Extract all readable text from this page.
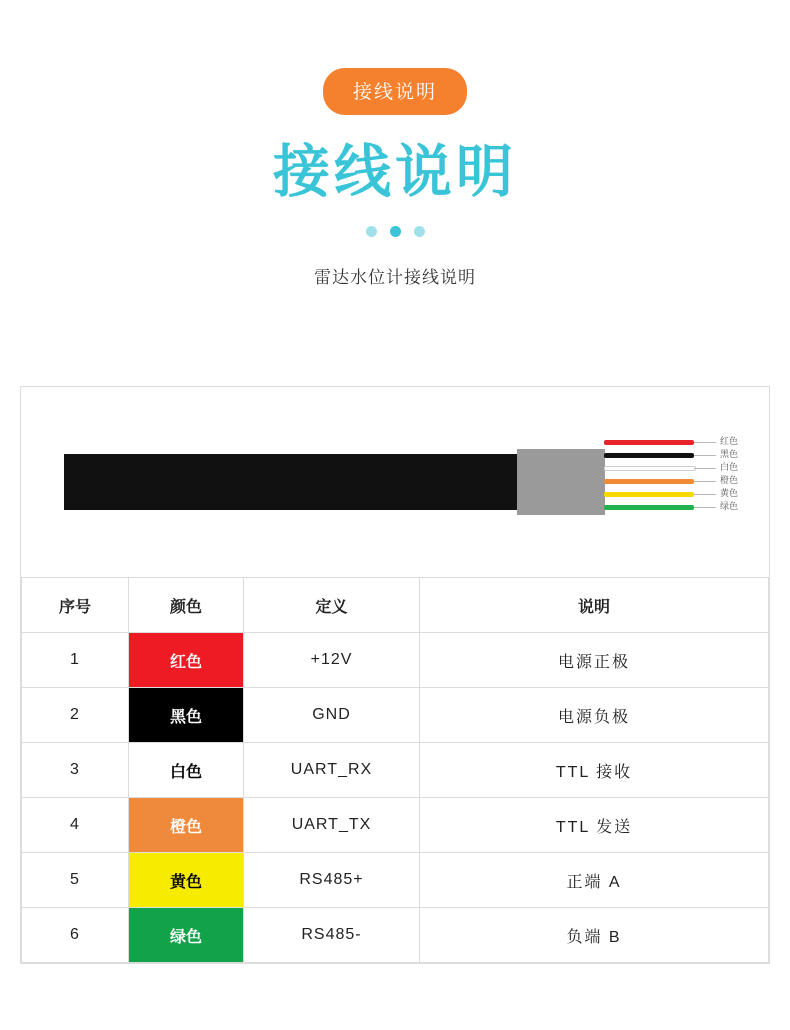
接线说明
接线说明
雷达水位计接线说明
红色
黑色
白色
橙色
黄色
绿色
序号	颜色	定义	说明
1	红色	+12V	电源正极
2	黑色	GND	电源负极
3	白色	UART_RX	TTL 接收
4	橙色	UART_TX	TTL 发送
5	黄色	RS485+	正端 A
6	绿色	RS485-	负端 B
